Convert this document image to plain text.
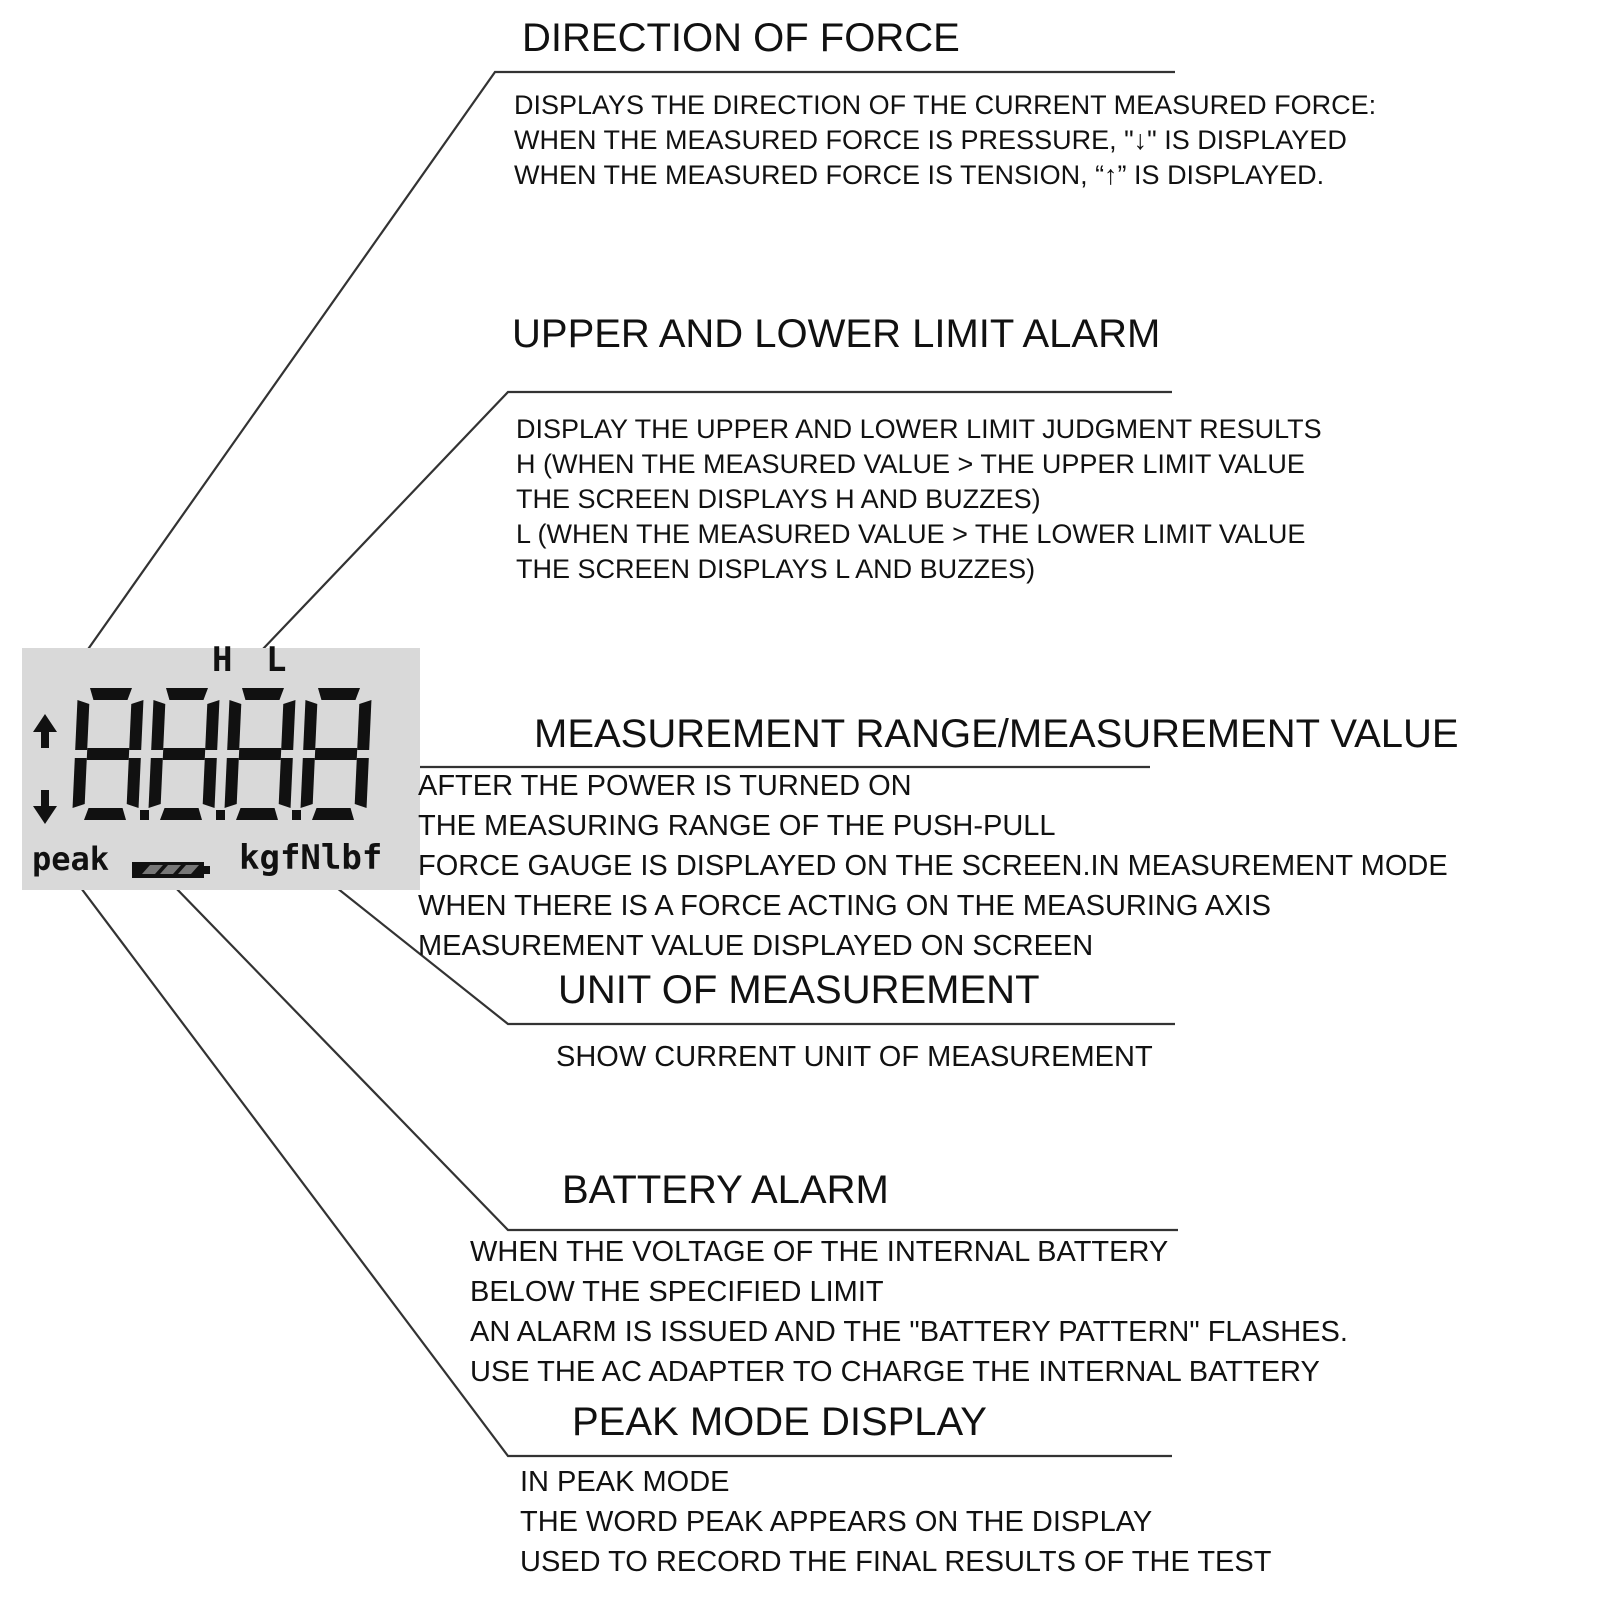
H L
peak	kgfNlbf
DIRECTION OF FORCE
DISPLAYS THE DIRECTION OF THE CURRENT MEASURED FORCE:
WHEN THE MEASURED FORCE IS PRESSURE, "↓" IS DISPLAYED
WHEN THE MEASURED FORCE IS TENSION, “↑” IS DISPLAYED.
UPPER AND LOWER LIMIT ALARM
DISPLAY THE UPPER AND LOWER LIMIT JUDGMENT RESULTS
H (WHEN THE MEASURED VALUE > THE UPPER LIMIT VALUE
THE SCREEN DISPLAYS H AND BUZZES)
L (WHEN THE MEASURED VALUE > THE LOWER LIMIT VALUE
THE SCREEN DISPLAYS L AND BUZZES)
MEASUREMENT RANGE/MEASUREMENT VALUE
AFTER THE POWER IS TURNED ON
THE MEASURING RANGE OF THE PUSH-PULL
FORCE GAUGE IS DISPLAYED ON THE SCREEN.IN MEASUREMENT MODE
WHEN THERE IS A FORCE ACTING ON THE MEASURING AXIS
MEASUREMENT VALUE DISPLAYED ON SCREEN
UNIT OF MEASUREMENT
SHOW CURRENT UNIT OF MEASUREMENT
BATTERY ALARM
WHEN THE VOLTAGE OF THE INTERNAL BATTERY
BELOW THE SPECIFIED LIMIT
AN ALARM IS ISSUED AND THE "BATTERY PATTERN" FLASHES.
USE THE AC ADAPTER TO CHARGE THE INTERNAL BATTERY
PEAK MODE DISPLAY
IN PEAK MODE
THE WORD PEAK APPEARS ON THE DISPLAY
USED TO RECORD THE FINAL RESULTS OF THE TEST
